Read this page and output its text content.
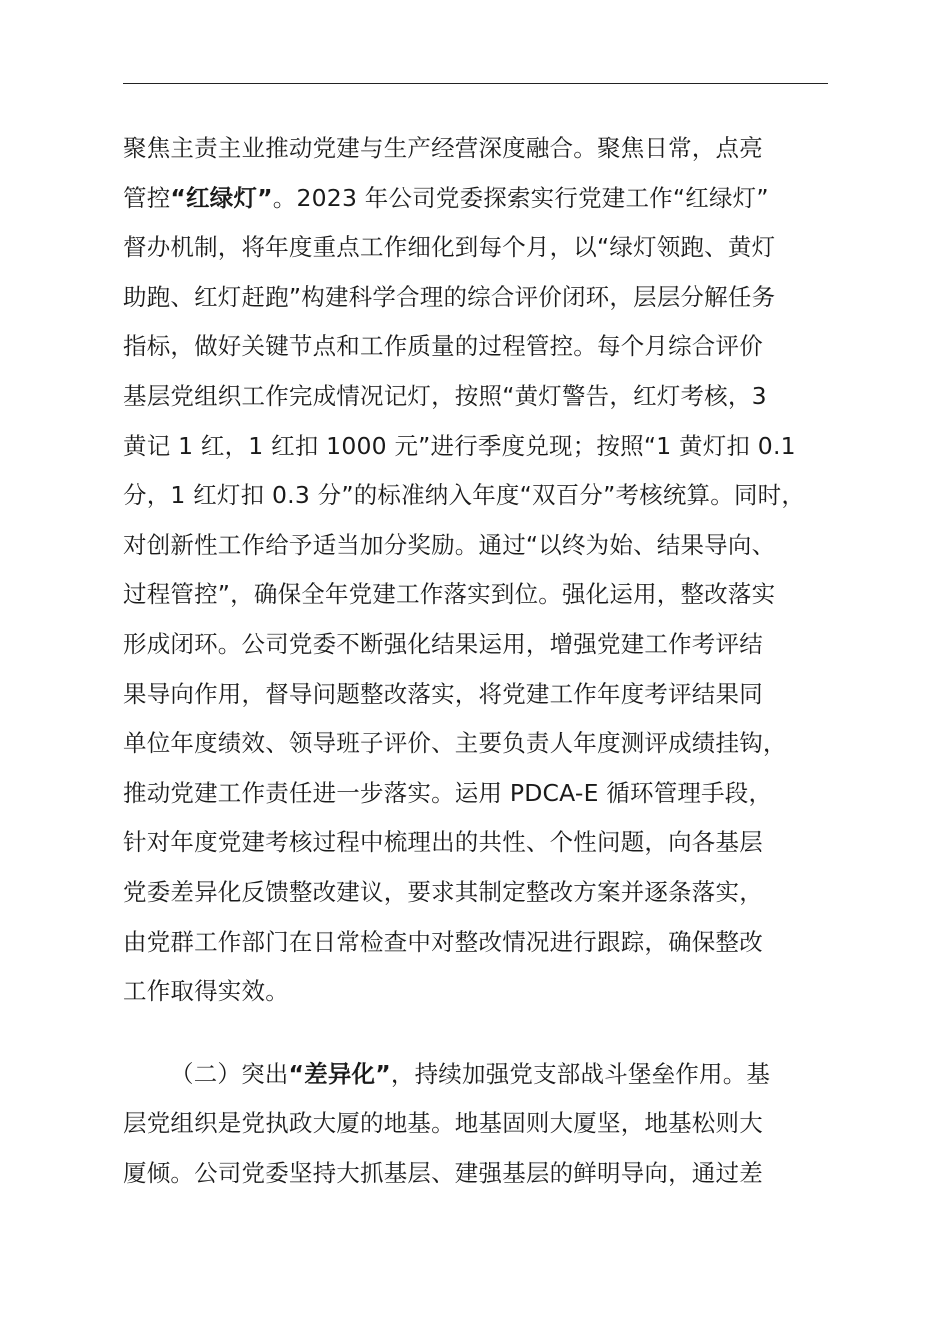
聚焦主责主业推动党建与生产经营深度融合。聚焦日常，点亮
管控“红绿灯”。2023 年公司党委探索实行党建工作“红绿灯”
督办机制，将年度重点工作细化到每个月，以“绿灯领跑、黄灯
助跑、红灯赶跑”构建科学合理的综合评价闭环，层层分解任务
指标，做好关键节点和工作质量的过程管控。每个月综合评价
基层党组织工作完成情况记灯，按照“黄灯警告，红灯考核，3
黄记 1 红，1 红扣 1000 元”进行季度兑现；按照“1 黄灯扣 0.1
分，1 红灯扣 0.3 分”的标准纳入年度“双百分”考核统算。同时，
对创新性工作给予适当加分奖励。通过“以终为始、结果导向、
过程管控”，确保全年党建工作落实到位。强化运用，整改落实
形成闭环。公司党委不断强化结果运用，增强党建工作考评结
果导向作用，督导问题整改落实，将党建工作年度考评结果同
单位年度绩效、领导班子评价、主要负责人年度测评成绩挂钩，
推动党建工作责任进一步落实。运用 PDCA-E 循环管理手段，
针对年度党建考核过程中梳理出的共性、个性问题，向各基层
党委差异化反馈整改建议，要求其制定整改方案并逐条落实，
由党群工作部门在日常检查中对整改情况进行跟踪，确保整改
工作取得实效。
（二）突出“差异化”，持续加强党支部战斗堡垒作用。基
层党组织是党执政大厦的地基。地基固则大厦坚，地基松则大
厦倾。公司党委坚持大抓基层、建强基层的鲜明导向，通过差
